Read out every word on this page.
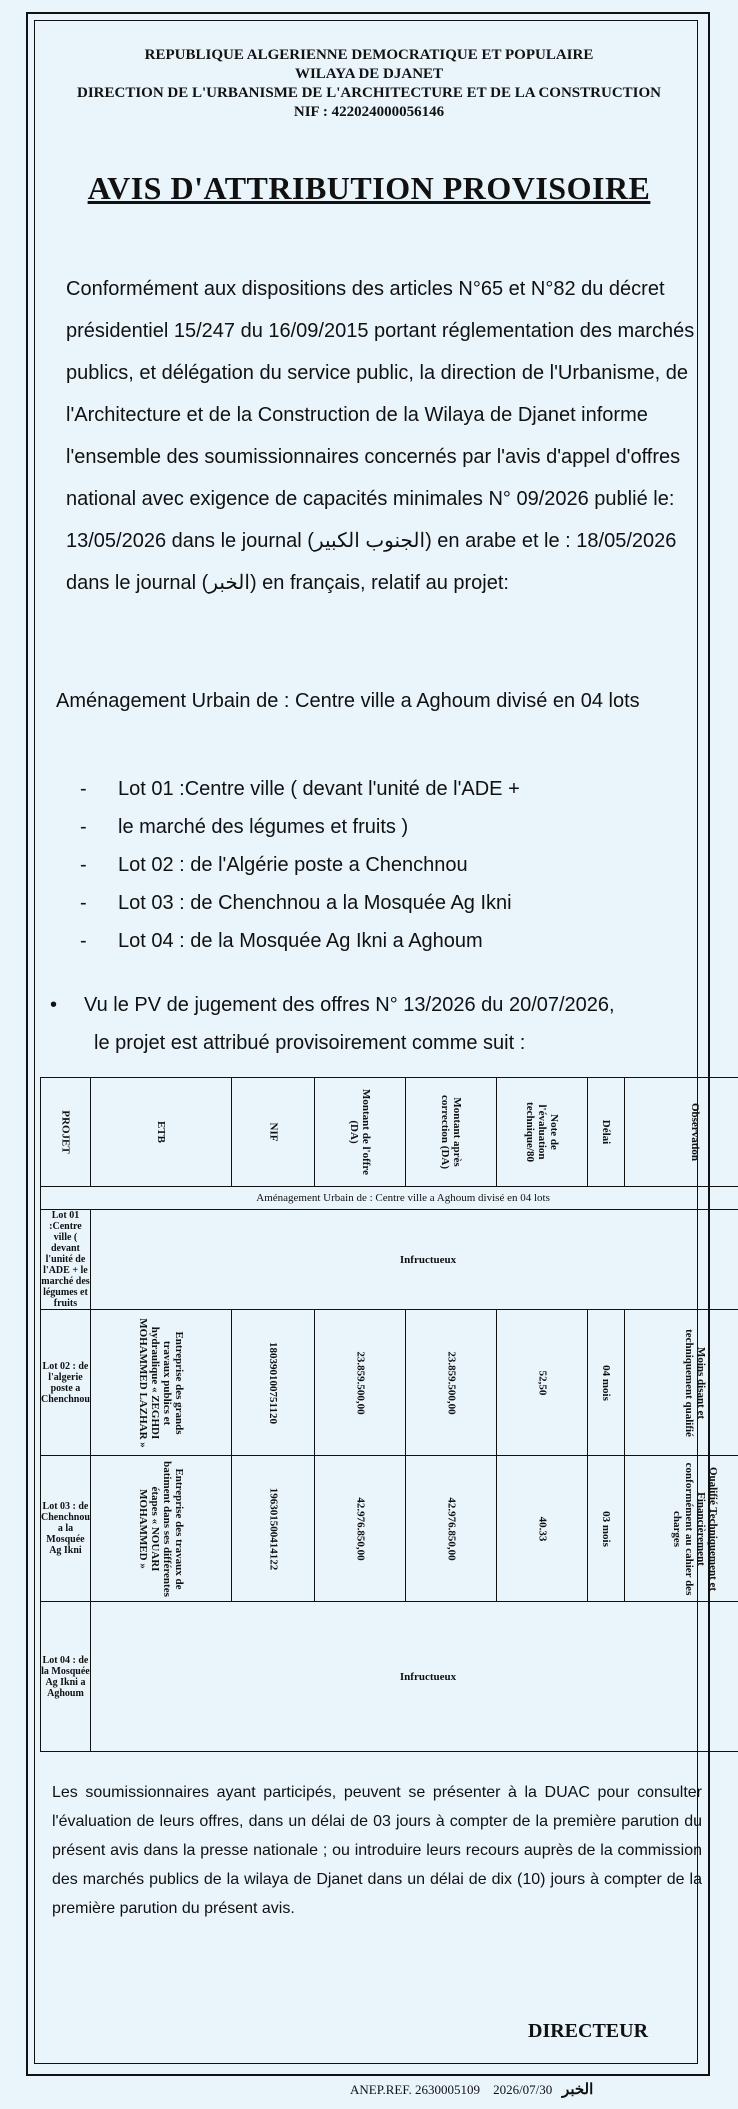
REPUBLIQUE ALGERIENNE DEMOCRATIQUE ET POPULAIRE
WILAYA DE DJANET
DIRECTION DE L'URBANISME DE L'ARCHITECTURE ET DE LA CONSTRUCTION
NIF : 422024000056146
AVIS D'ATTRIBUTION PROVISOIRE
Conformément aux dispositions des articles N°65 et N°82 du décret présidentiel 15/247 du 16/09/2015 portant réglementation des marchés publics, et délégation du service public, la direction de l'Urbanisme, de l'Architecture et de la Construction de la Wilaya de Djanet informe l'ensemble des soumissionnaires concernés par l'avis d'appel d'offres national avec exigence de capacités minimales N° 09/2026 publié le: 13/05/2026 dans le journal (الجنوب الكبير) en arabe et le : 18/05/2026 dans le journal (الخبر) en français, relatif au projet:
Aménagement Urbain de : Centre ville a Aghoum divisé en 04 lots
- Lot 01 :Centre ville ( devant l'unité de l'ADE +
- le marché des légumes et fruits )
- Lot 02 : de l'Algérie poste a Chenchnou
- Lot 03 : de Chenchnou a la Mosquée Ag Ikni
- Lot 04 : de la Mosquée Ag Ikni a Aghoum
• Vu le PV de jugement des offres N° 13/2026 du 20/07/2026,
le projet est attribué provisoirement comme suit :
PROJET	ETB	NIF	Montant de l'offre (DA)	Montant après correction (DA)	Note de l'évaluation technique/80	Délai	Observation
Aménagement Urbain de : Centre ville a Aghoum divisé en 04 lots							
Lot 01 :Centre ville ( devant l'unité de l'ADE + le marché des légumes et fruits	Infructueux						
Lot 02 : de l'algerie poste a Chenchnou	Entreprise des grands travaux publics et hydraulique « ZEGHDI MOHAMMED LAZHAR »	180390100751120	23.859.500,00	23.859.500,00	52,50	04 mois	Moins disant et techniquement qualifié
Lot 03 : de Chenchnou a la Mosquée Ag Ikni	Entreprise des travaux de batiment dans ses différentes étapes « NOUARI MOHAMMED »	196301500414122	42.976.850,00	42.976.850,00	40.33	03 mois	Qualifié Techniquement et Financièrement conformément au cahier des charges
Lot 04 : de la Mosquée Ag Ikni a Aghoum	Infructueux						
Les soumissionnaires ayant participés, peuvent se présenter à la DUAC pour consulter l'évaluation de leurs offres, dans un délai de 03 jours à compter de la première parution du présent avis dans la presse nationale ; ou introduire leurs recours auprès de la commission des marchés publics de la wilaya de Djanet dans un délai de dix (10) jours à compter de la première parution du présent avis.
DIRECTEUR
ANEP.REF. 2630005109 2026/07/30 الخبر
